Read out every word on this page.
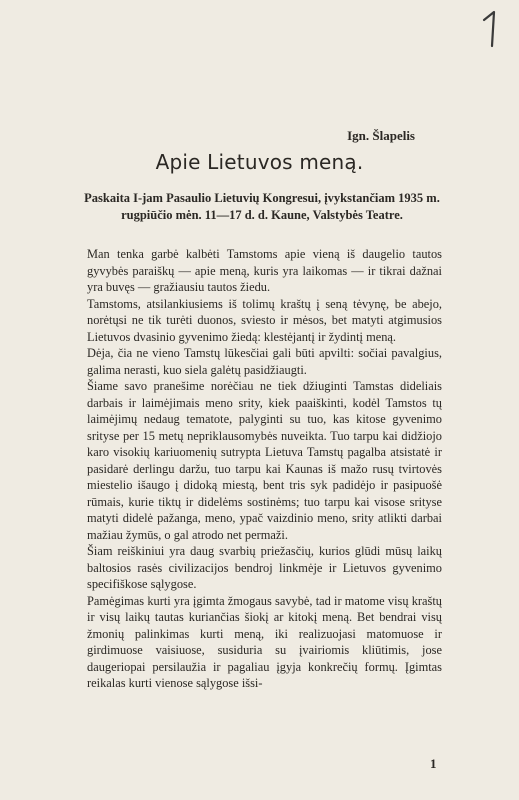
Ign. Šlapelis
Apie Lietuvos meną.
Paskaita I-jam Pasaulio Lietuvių Kongresui, įvykstančiam 1935 m. rugpiūčio mėn. 11—17 d. d. Kaune, Valstybės Teatre.

Man tenka garbė kalbėti Tamstoms apie vieną iš daugelio tautos gyvybės paraiškų — apie meną, kuris yra laikomas — ir tikrai dažnai yra buvęs — gražiausiu tautos žiedu.

Tamstoms, atsilankiusiems iš tolimų kraštų į seną tėvynę, be abejo, norėtųsi ne tik turėti duonos, sviesto ir mėsos, bet matyti atgimusios Lietuvos dvasinio gyvenimo žiedą: klestėjantį ir žydintį meną.

Dėja, čia ne vieno Tamstų lūkesčiai gali būti apvilti: sočiai pavalgius, galima nerasti, kuo siela galėtų pasidžiaugti.

Šiame savo pranešime norėčiau ne tiek džiuginti Tamstas dideliais darbais ir laimėjimais meno srity, kiek paaiškinti, kodėl Tamstos tų laimėjimų nedaug tematote, palyginti su tuo, kas kitose gyvenimo srityse per 15 metų nepriklausomybės nuveikta. Tuo tarpu kai didžiojo karo visokių kariuomenių sutrypta Lietuva Tamstų pagalba atsistatė ir pasidarė derlingu daržu, tuo tarpu kai Kaunas iš mažo rusų tvirtovės miestelio išaugo į didoką miestą, bent tris syk padidėjo ir pasipuošė rūmais, kurie tiktų ir didelėms sostinėms; tuo tarpu kai visose srityse matyti didelė pažanga, meno, ypač vaizdinio meno, srity atlikti darbai mažiau žymūs, o gal atrodo net permaži.

Šiam reiškiniui yra daug svarbių priežasčių, kurios glūdi mūsų laikų baltosios rasės civilizacijos bendroj linkmėje ir Lietuvos gyvenimo specifiškose sąlygose.

Pamėgimas kurti yra įgimta žmogaus savybė, tad ir matome visų kraštų ir visų laikų tautas kuriančias šiokį ar kitokį meną. Bet bendrai visų žmonių palinkimas kurti meną, iki realizuojasi matomuose ir girdimuose vaisiuose, susiduria su įvairiomis kliūtimis, jose daugeriopai persilaužia ir pagaliau įgyja konkrečių formų. Įgimtas reikalas kurti vienose sąlygose išsi-

1
